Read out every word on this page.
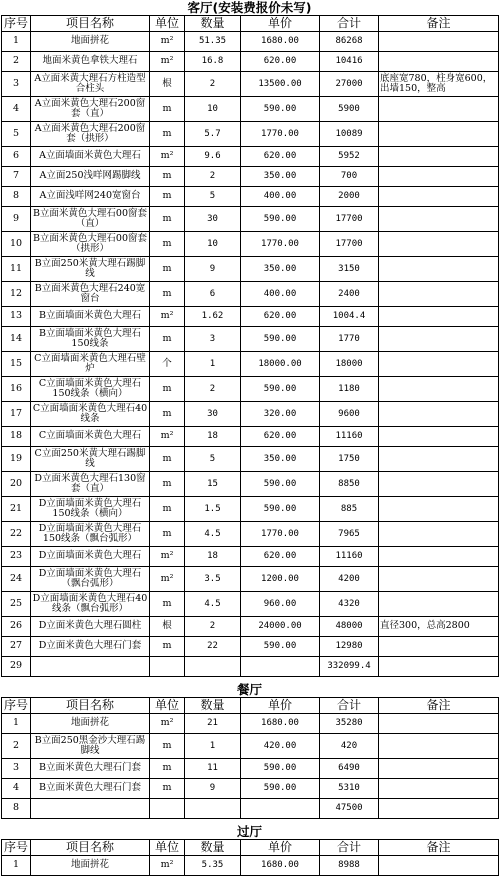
客厅(安装费报价未写)
序号	项目名称	单位	数量	单价	合计	备注
1	地面拼花	m²	51.35	1680.00	86268	
2	地面米黄色拿铁大理石	m²	16.8	620.00	10416	
3	A立面米黄大理石方柱造型合柱头	根	2	13500.00	27000	底座宽780，柱身宽600，出墙150，整高
4	A立面米黄色大理石200窗套（直）	m	10	590.00	5900	
5	A立面米黄色大理石200窗套（拱形）	m	5.7	1770.00	10089	
6	A立面墙面米黄色大理石	m²	9.6	620.00	5952	
7	A立面250浅咩网踢脚线	m	2	350.00	700	
8	A立面浅咩网240宽窗台	m	5	400.00	2000	
9	B立面米黄色大理石00窗套（直）	m	30	590.00	17700	
10	B立面米黄色大理石00窗套（拱形）	m	10	1770.00	17700	
11	B立面250米黄大理石踢脚线	m	9	350.00	3150	
12	B立面米黄色大理石240宽窗台	m	6	400.00	2400	
13	B立面墙面米黄色大理石	m²	1.62	620.00	1004.4	
14	B立面墙面米黄色大理石150线条	m	3	590.00	1770	
15	C立面墙面米黄色大理石壁炉	个	1	18000.00	18000	
16	C立面墙面米黄色大理石150线条（横向）	m	2	590.00	1180	
17	C立面墙面米黄色大理石40线条	m	30	320.00	9600	
18	C立面墙面米黄色大理石	m²	18	620.00	11160	
19	C立面250米黄大理石踢脚线	m	5	350.00	1750	
20	D立面米黄色大理石130窗套（直）	m	15	590.00	8850	
21	D立面墙面米黄色大理石150线条（横向）	m	1.5	590.00	885	
22	D立面墙面米黄色大理石150线条（飘台弧形）	m	4.5	1770.00	7965	
23	D立面墙面米黄色大理石	m²	18	620.00	11160	
24	D立面墙面米黄色大理石（飘台弧形）	m²	3.5	1200.00	4200	
25	D立面墙面米黄色大理石40线条（飘台弧形）	m	4.5	960.00	4320	
26	D立面米黄色大理石圆柱	根	2	24000.00	48000	直径300，总高2800
27	D立面米黄色大理石门套	m	22	590.00	12980	
29					332099.4	
餐厅
序号	项目名称	单位	数量	单价	合计	备注
1	地面拼花	m²	21	1680.00	35280	
2	B立面250黑金沙大理石踢脚线	m	1	420.00	420	
3	B立面米黄色大理石门套	m	11	590.00	6490	
4	B立面米黄色大理石门套	m	9	590.00	5310	
8					47500	
过厅
序号	项目名称	单位	数量	单价	合计	备注
1	地面拼花	m²	5.35	1680.00	8988	
